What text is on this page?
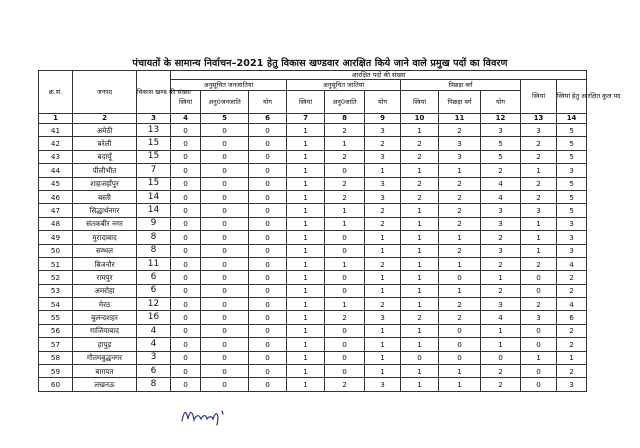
पंचायतों के सामान्य निर्वाचन–2021 हेतु विकास खण्डवार आरक्षित किये जाने वाले प्रमुख पदों का विवरण
क्र.सं.	जनपद	विकास खण्ड की संख्या	आरक्षित पदों की संख्या										
			अनुसूचित जनजातियां			अनुसूचित जातियां			पिछड़ा वर्ग			स्त्रियां	स्त्रियां हेतु आरक्षित कुल पद
			स्त्रियां	अनु0जनजाति	योग	स्त्रियां	अनु0जाति	योग	स्त्रियां	पिछड़ा वर्ग	योग		
1	2	3	4	5	6	7	8	9	10	11	12	13	14
41	अमेठी	13	0	0	0	1	2	3	1	2	3	3	5
42	बरेली	15	0	0	0	1	1	2	2	3	5	2	5
43	बदायूँ	15	0	0	0	1	2	3	2	3	5	2	5
44	पीलीभीत	7	0	0	0	1	0	1	1	1	2	1	3
45	शाहजहाँपुर	15	0	0	0	1	2	3	2	2	4	2	5
46	बस्ती	14	0	0	0	1	2	3	2	2	4	2	5
47	सिद्धार्थनगर	14	0	0	0	1	1	2	1	2	3	3	5
48	संतकबीर नगर	9	0	0	0	1	1	2	1	2	3	1	3
49	मुरादाबाद	8	0	0	0	1	0	1	1	1	2	1	3
50	सम्भल	8	0	0	0	1	0	1	1	2	3	1	3
51	बिजनौर	11	0	0	0	1	1	2	1	1	2	2	4
52	रामपुर	6	0	0	0	1	0	1	1	0	1	0	2
53	अमरोहा	6	0	0	0	1	0	1	1	1	2	0	2
54	मेरठ	12	0	0	0	1	1	2	1	2	3	2	4
55	बुलन्दशहर	16	0	0	0	1	2	3	2	2	4	3	6
56	गाजियाबाद	4	0	0	0	1	0	1	1	0	1	0	2
57	हापुड़	4	0	0	0	1	0	1	1	0	1	0	2
58	गौतमबुद्धनगर	3	0	0	0	1	0	1	0	0	0	1	1
59	बागपत	6	0	0	0	1	0	1	1	1	2	0	2
60	लखनऊ	8	0	0	0	1	2	3	1	1	2	0	3
